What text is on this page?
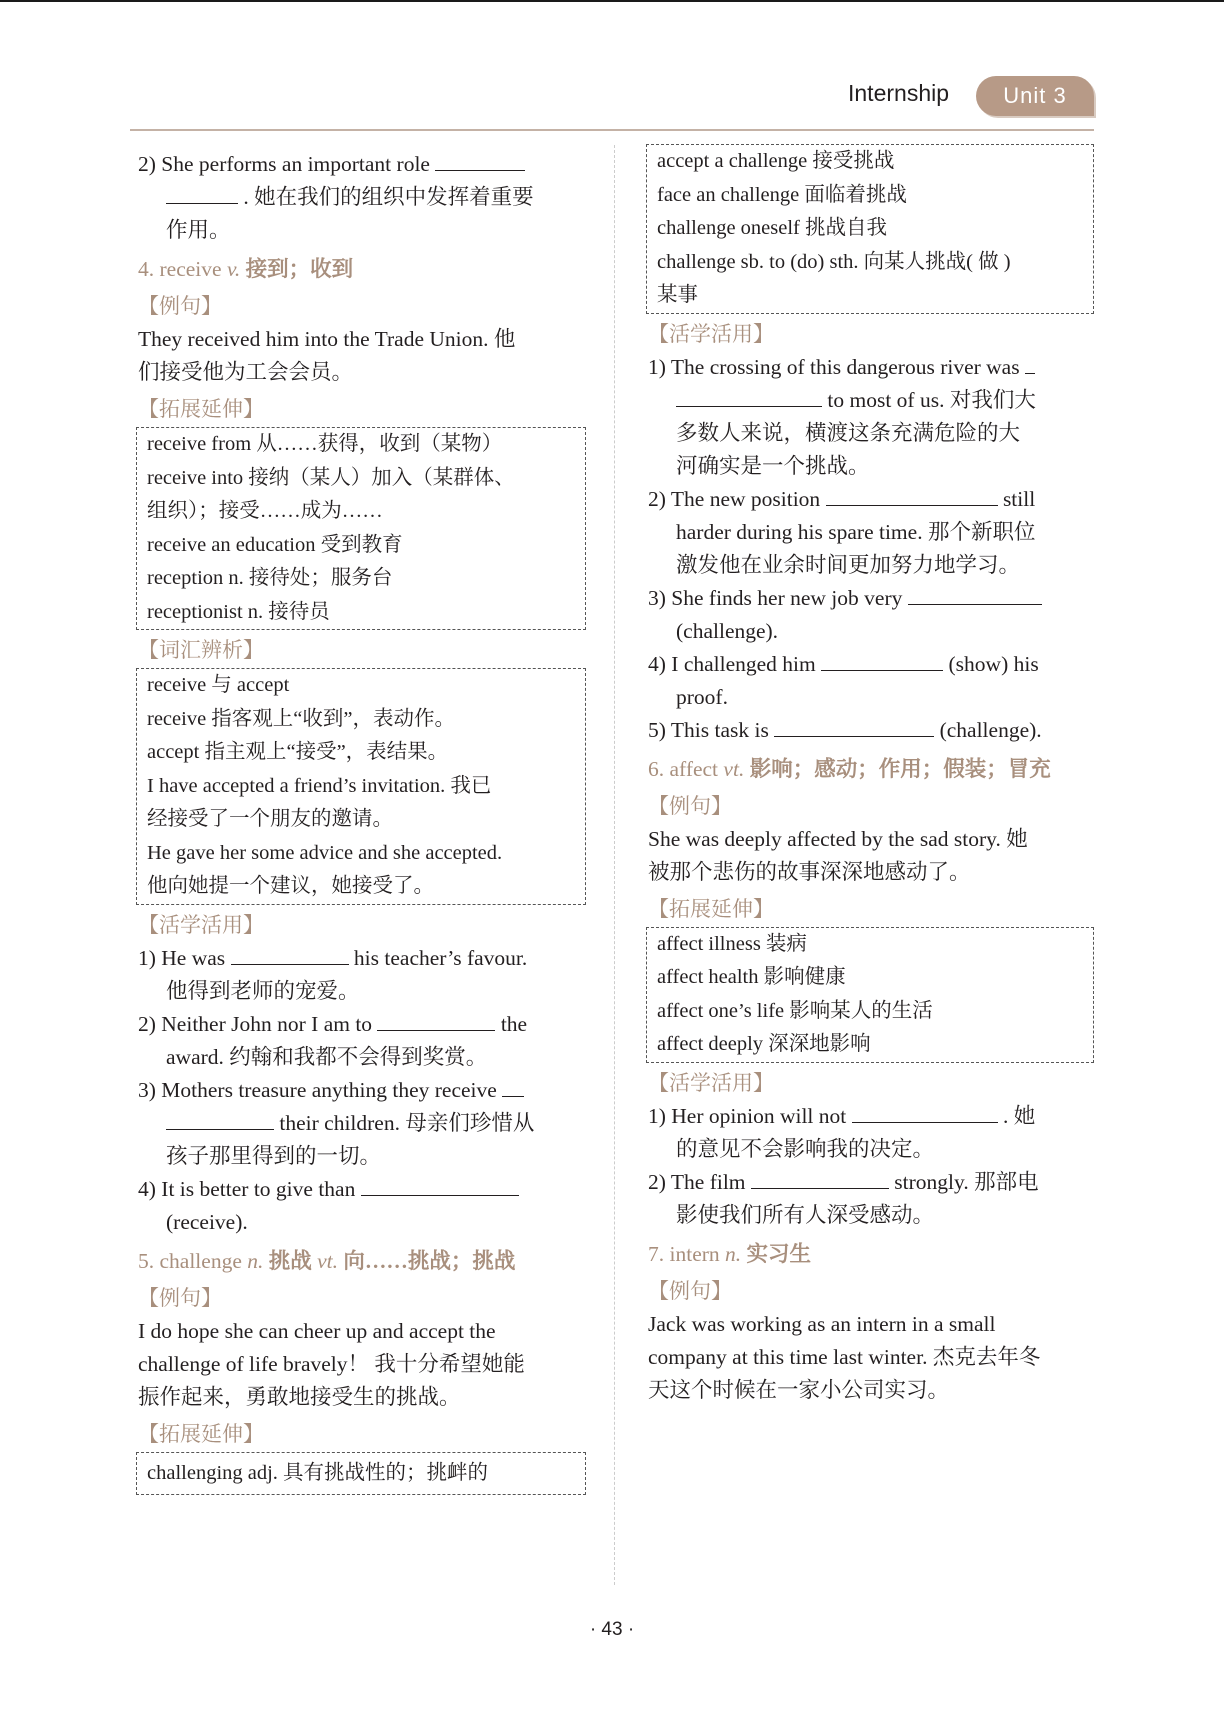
Internship	Unit 3

2) She performs an important role

. 她在我们的组织中发挥着重要

作用。

4. receive v. 接到；收到

【例句】

They received him into the Trade Union. 他

们接受他为工会会员。

【拓展延伸】

receive from 从……获得，收到（某物）

receive into 接纳（某人）加入（某群体、

组织）；接受……成为……

receive an education 受到教育

reception n. 接待处；服务台

receptionist n. 接待员

【词汇辨析】

receive 与 accept

receive 指客观上“收到”，表动作。

accept 指主观上“接受”，表结果。

I have accepted a friend’s invitation. 我已

经接受了一个朋友的邀请。

He gave her some advice and she accepted.

他向她提一个建议，她接受了。

【活学活用】

1) He was	his teacher’s favour.

他得到老师的宠爱。

2) Neither John nor I am to	the

award. 约翰和我都不会得到奖赏。

3) Mothers treasure anything they receive

their children. 母亲们珍惜从

孩子那里得到的一切。

4) It is better to give than

(receive).

5. challenge n. 挑战 vt. 向……挑战；挑战

【例句】

I do hope she can cheer up and accept the

challenge of life bravely！ 我十分希望她能

振作起来，勇敢地接受生的挑战。

【拓展延伸】

challenging adj. 具有挑战性的；挑衅的

accept a challenge 接受挑战

face an challenge 面临着挑战

challenge oneself 挑战自我

challenge sb. to (do) sth. 向某人挑战( 做 )

某事

【活学活用】

1) The crossing of this dangerous river was

to most of us. 对我们大

多数人来说，横渡这条充满危险的大

河确实是一个挑战。

2) The new position	still

harder during his spare time. 那个新职位

激发他在业余时间更加努力地学习。

3) She finds her new job very

(challenge).

4) I challenged him	(show) his

proof.

5) This task is	(challenge).

6. affect vt. 影响；感动；作用；假装；冒充

【例句】

She was deeply affected by the sad story. 她

被那个悲伤的故事深深地感动了。

【拓展延伸】

affect illness 装病

affect health 影响健康

affect one’s life 影响某人的生活

affect deeply 深深地影响

【活学活用】

1) Her opinion will not	. 她

的意见不会影响我的决定。

2) The film	strongly. 那部电

影使我们所有人深受感动。

7. intern n. 实习生

【例句】

Jack was working as an intern in a small

company at this time last winter. 杰克去年冬

天这个时候在一家小公司实习。

· 43 ·
